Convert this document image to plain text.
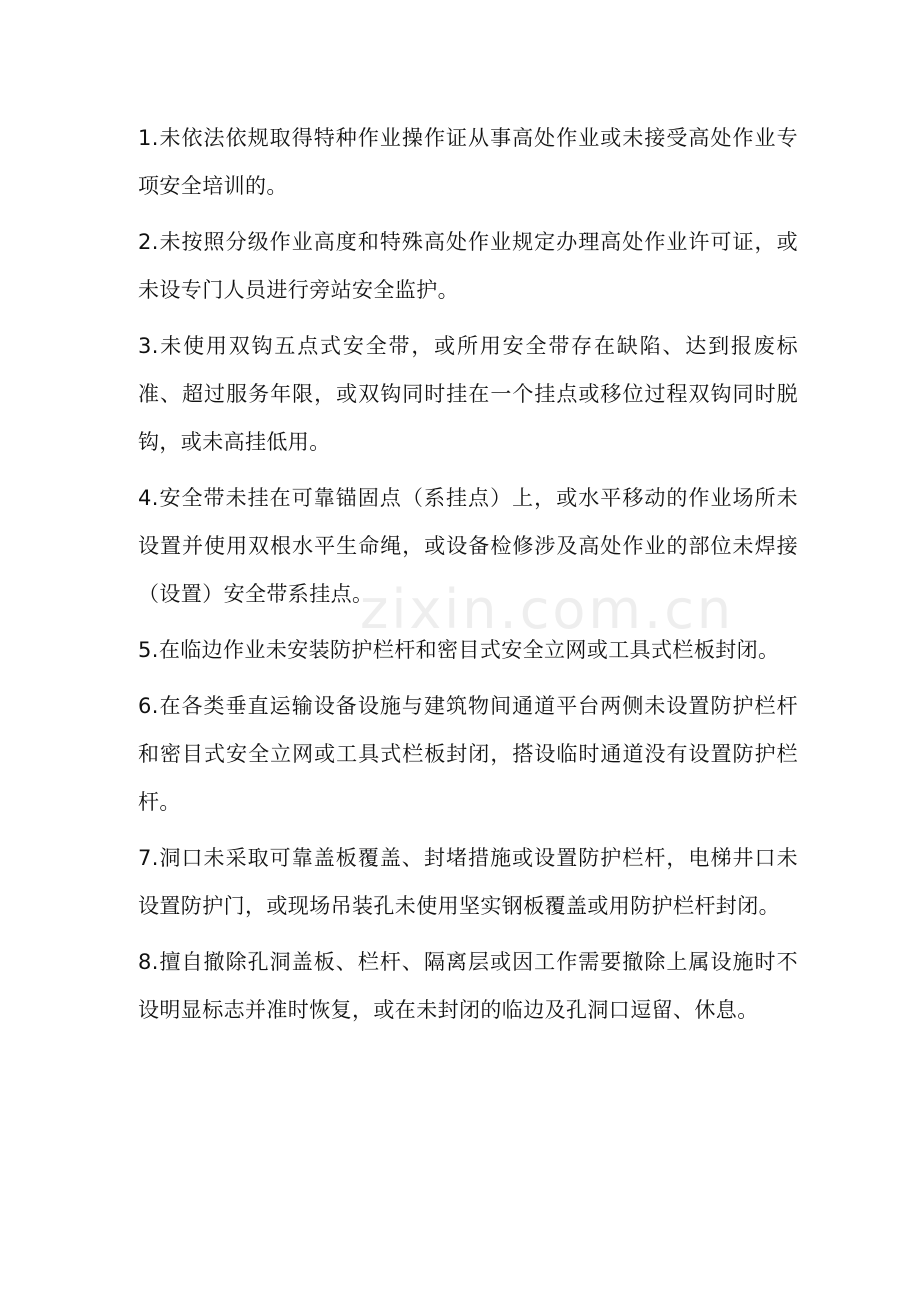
zixin.com.cn

1.未依法依规取得特种作业操作证从事高处作业或未接受高处作业专项安全培训的。

2.未按照分级作业高度和特殊高处作业规定办理高处作业许可证，或未设专门人员进行旁站安全监护。

3.未使用双钩五点式安全带，或所用安全带存在缺陷、达到报废标准、超过服务年限，或双钩同时挂在一个挂点或移位过程双钩同时脱钩，或未高挂低用。

4.安全带未挂在可靠锚固点（系挂点）上，或水平移动的作业场所未设置并使用双根水平生命绳，或设备检修涉及高处作业的部位未焊接（设置）安全带系挂点。

5.在临边作业未安装防护栏杆和密目式安全立网或工具式栏板封闭。

6.在各类垂直运输设备设施与建筑物间通道平台两侧未设置防护栏杆和密目式安全立网或工具式栏板封闭，搭设临时通道没有设置防护栏杆。

7.洞口未采取可靠盖板覆盖、封堵措施或设置防护栏杆，电梯井口未设置防护门，或现场吊装孔未使用坚实钢板覆盖或用防护栏杆封闭。

8.擅自撤除孔洞盖板、栏杆、隔离层或因工作需要撤除上属设施时不设明显标志并准时恢复，或在未封闭的临边及孔洞口逗留、休息。
